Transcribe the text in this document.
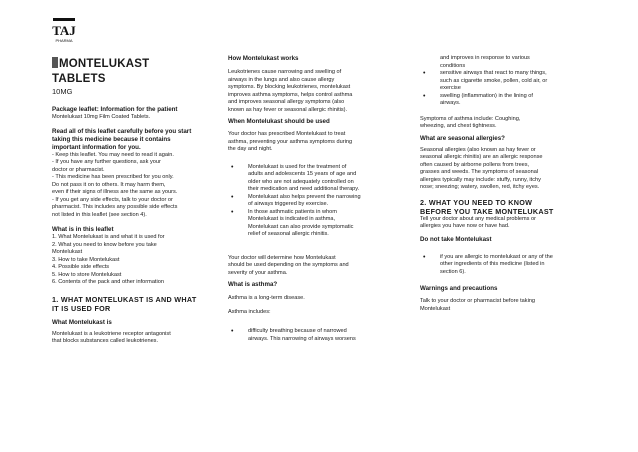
TAJ
PHARMA
MONTELUKAST
TABLETS
10MG

Package leaflet: Information for the patient

Montelukast 10mg Film Coated Tablets.

Read all of this leaflet carefully before you start

taking this medicine because it contains

important information for you.

- Keep this leaflet. You may need to read it again.

- If you have any further questions, ask your

doctor or pharmacist.

- This medicine has been prescribed for you only.

Do not pass it on to others. It may harm them,

even if their signs of illness are the same as yours.

- If you get any side effects, talk to your doctor or

pharmacist. This includes any possible side effects

not listed in this leaflet (see section 4).

What is in this leaflet

1. What Montelukast is and what it is used for

2. What you need to know before you take

Montelukast

3. How to take Montelukast

4. Possible side effects

5. How to store Montelukast

6. Contents of the pack and other information

1. WHAT MONTELUKAST IS AND WHAT

IT IS USED FOR

What Montelukast is

Montelukast is a leukotriene receptor antagonist

that blocks substances called leukotrienes.

How Montelukast works

Leukotrienes cause narrowing and swelling of

airways in the lungs and also cause allergy

symptoms. By blocking leukotrienes, montelukast

improves asthma symptoms, helps control asthma

and improves seasonal allergy symptoms (also

known as hay fever or seasonal allergic rhinitis).

When Montelukast should be used

Your doctor has prescribed Montelukast to treat

asthma, preventing your asthma symptoms during

the day and night.

• Montelukast is used for the treatment of
adults and adolescents 15 years of age and
older who are not adequately controlled on
their medication and need additional therapy.
• Montelukast also helps prevent the narrowing
of airways triggered by exercise.
• In those asthmatic patients in whom
Montelukast is indicated in asthma,
Montelukast can also provide symptomatic
relief of seasonal allergic rhinitis.

Your doctor will determine how Montelukast

should be used depending on the symptoms and

severity of your asthma.

What is asthma?

Asthma is a long-term disease.

Asthma includes:

• difficulty breathing because of narrowed
airways. This narrowing of airways worsens

and improves in response to various

conditions

• sensitive airways that react to many things,
such as cigarette smoke, pollen, cold air, or
exercise
• swelling (inflammation) in the lining of
airways.

Symptoms of asthma include: Coughing,

wheezing, and chest tightness.

What are seasonal allergies?

Seasonal allergies (also known as hay fever or

seasonal allergic rhinitis) are an allergic response

often caused by airborne pollens from trees,

grasses and weeds. The symptoms of seasonal

allergies typically may include: stuffy, runny, itchy

nose; sneezing; watery, swollen, red, itchy eyes.

2. WHAT YOU NEED TO KNOW

BEFORE YOU TAKE MONTELUKAST

Tell your doctor about any medical problems or

allergies you have now or have had.

Do not take Montelukast

• if you are allergic to montelukast or any of the
other ingredients of this medicine (listed in
section 6).

Warnings and precautions

Talk to your doctor or pharmacist before taking

Montelukast
